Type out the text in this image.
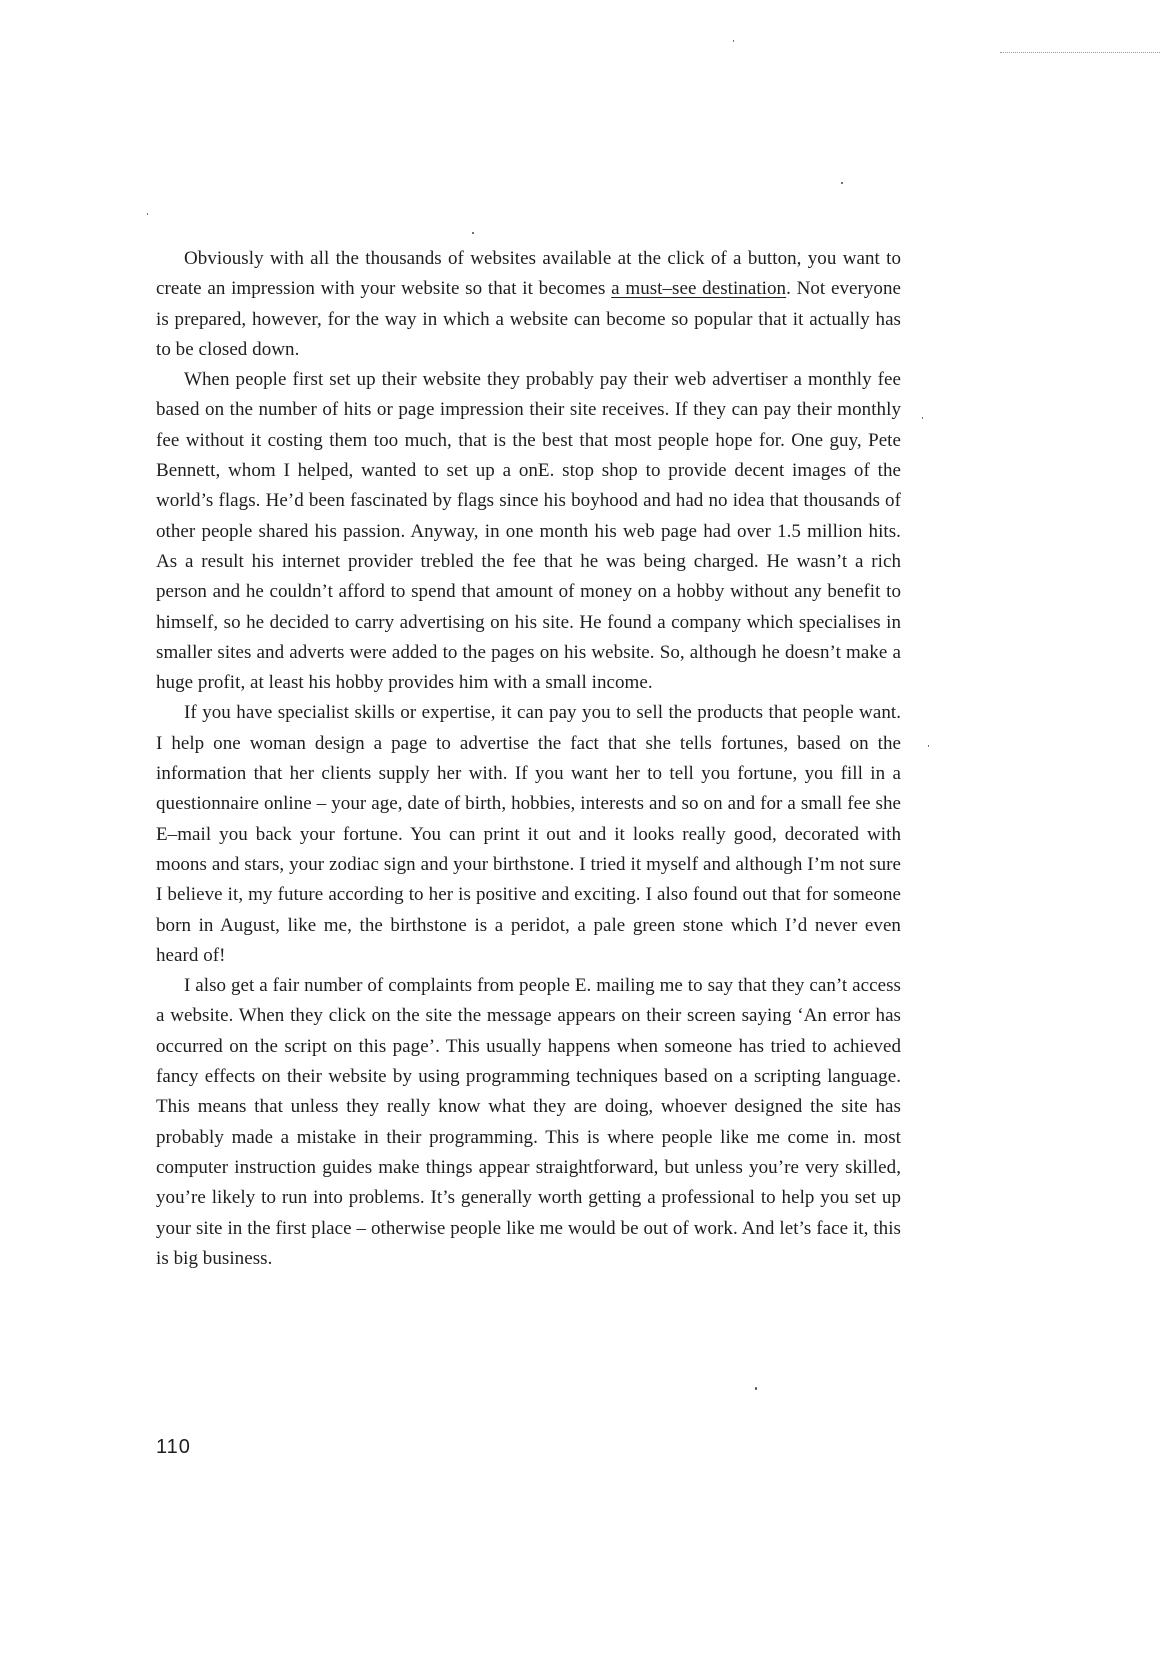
Obviously with all the thousands of websites available at the click of a button, you want to create an impression with your website so that it becomes a must–see destination. Not everyone is prepared, however, for the way in which a website can become so popular that it actually has to be closed down.

When people first set up their website they probably pay their web advertiser a monthly fee based on the number of hits or page impression their site receives. If they can pay their monthly fee without it costing them too much, that is the best that most people hope for. One guy, Pete Bennett, whom I helped, wanted to set up a onE. stop shop to provide decent images of the world’s flags. He’d been fascinated by flags since his boyhood and had no idea that thousands of other people shared his passion. Anyway, in one month his web page had over 1.5 million hits. As a result his internet provider trebled the fee that he was being charged. He wasn’t a rich person and he couldn’t afford to spend that amount of money on a hobby without any benefit to himself, so he decided to carry advertising on his site. He found a company which specialises in smaller sites and adverts were added to the pages on his website. So, although he doesn’t make a huge profit, at least his hobby provides him with a small income.

If you have specialist skills or expertise, it can pay you to sell the products that people want. I help one woman design a page to advertise the fact that she tells fortunes, based on the information that her clients supply her with. If you want her to tell you fortune, you fill in a questionnaire online – your age, date of birth, hobbies, interests and so on and for a small fee she E–mail you back your fortune. You can print it out and it looks really good, decorated with moons and stars, your zodiac sign and your birthstone. I tried it myself and although I’m not sure I believe it, my future according to her is positive and exciting. I also found out that for someone born in August, like me, the birthstone is a peridot, a pale green stone which I’d never even heard of!

I also get a fair number of complaints from people E. mailing me to say that they can’t access a website. When they click on the site the message appears on their screen saying ‘An error has occurred on the script on this page’. This usually happens when someone has tried to achieved fancy effects on their website by using programming techniques based on a scripting language. This means that unless they really know what they are doing, whoever designed the site has probably made a mistake in their programming. This is where people like me come in. most computer instruction guides make things appear straightforward, but unless you’re very skilled, you’re likely to run into problems. It’s generally worth getting a professional to help you set up your site in the first place – otherwise people like me would be out of work. And let’s face it, this is big business.

110
